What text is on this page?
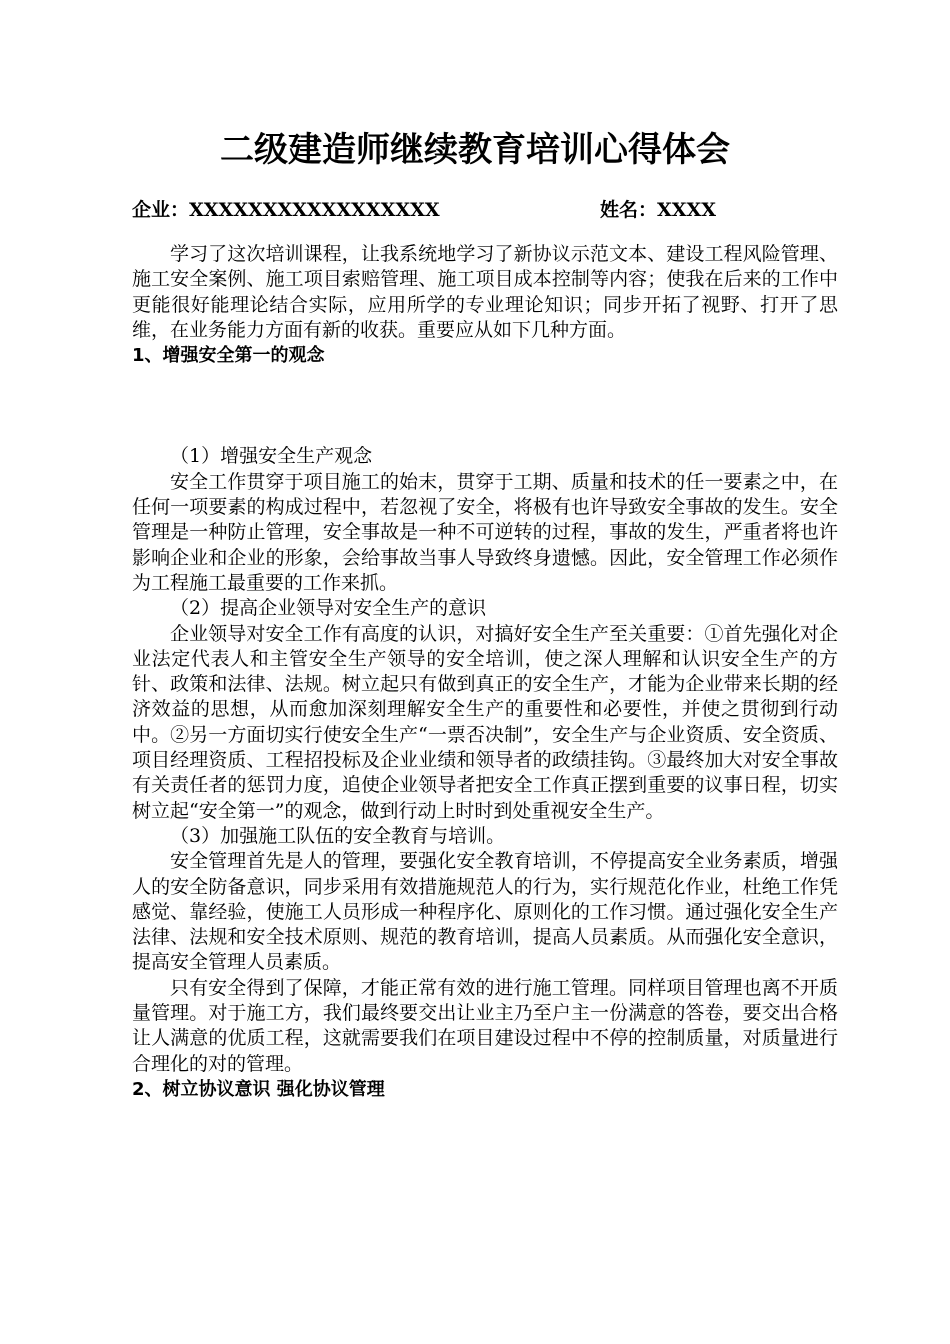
二级建造师继续教育培训心得体会
企业：XXXXXXXXXXXXXXXXX	姓名：XXXX

学习了这次培训课程，让我系统地学习了新协议示范文本、建设工程风险管理、施工安全案例、施工项目索赔管理、施工项目成本控制等内容；使我在后来的工作中更能很好能理论结合实际，应用所学的专业理论知识；同步开拓了视野、打开了思维，在业务能力方面有新的收获。重要应从如下几种方面。

1、增强安全第一的观念

（1）增强安全生产观念

安全工作贯穿于项目施工的始末，贯穿于工期、质量和技术的任一要素之中，在任何一项要素的构成过程中，若忽视了安全，将极有也许导致安全事故的发生。安全管理是一种防止管理，安全事故是一种不可逆转的过程，事故的发生，严重者将也许影响企业和企业的形象，会给事故当事人导致终身遗憾。因此，安全管理工作必须作为工程施工最重要的工作来抓。

（2）提高企业领导对安全生产的意识

企业领导对安全工作有高度的认识，对搞好安全生产至关重要：①首先强化对企业法定代表人和主管安全生产领导的安全培训，使之深人理解和认识安全生产的方针、政策和法律、法规。树立起只有做到真正的安全生产，才能为企业带来长期的经济效益的思想，从而愈加深刻理解安全生产的重要性和必要性，并使之贯彻到行动中。②另一方面切实行使安全生产“一票否决制”，安全生产与企业资质、安全资质、项目经理资质、工程招投标及企业业绩和领导者的政绩挂钩。③最终加大对安全事故有关责任者的惩罚力度，追使企业领导者把安全工作真正摆到重要的议事日程，切实树立起“安全第一”的观念，做到行动上时时到处重视安全生产。

（3）加强施工队伍的安全教育与培训。

安全管理首先是人的管理，要强化安全教育培训，不停提高安全业务素质，增强人的安全防备意识，同步采用有效措施规范人的行为，实行规范化作业，杜绝工作凭感觉、靠经验，使施工人员形成一种程序化、原则化的工作习惯。通过强化安全生产法律、法规和安全技术原则、规范的教育培训，提高人员素质。从而强化安全意识，提高安全管理人员素质。

只有安全得到了保障，才能正常有效的进行施工管理。同样项目管理也离不开质量管理。对于施工方，我们最终要交出让业主乃至户主一份满意的答卷，要交出合格让人满意的优质工程，这就需要我们在项目建设过程中不停的控制质量，对质量进行合理化的对的管理。

2、树立协议意识 强化协议管理
